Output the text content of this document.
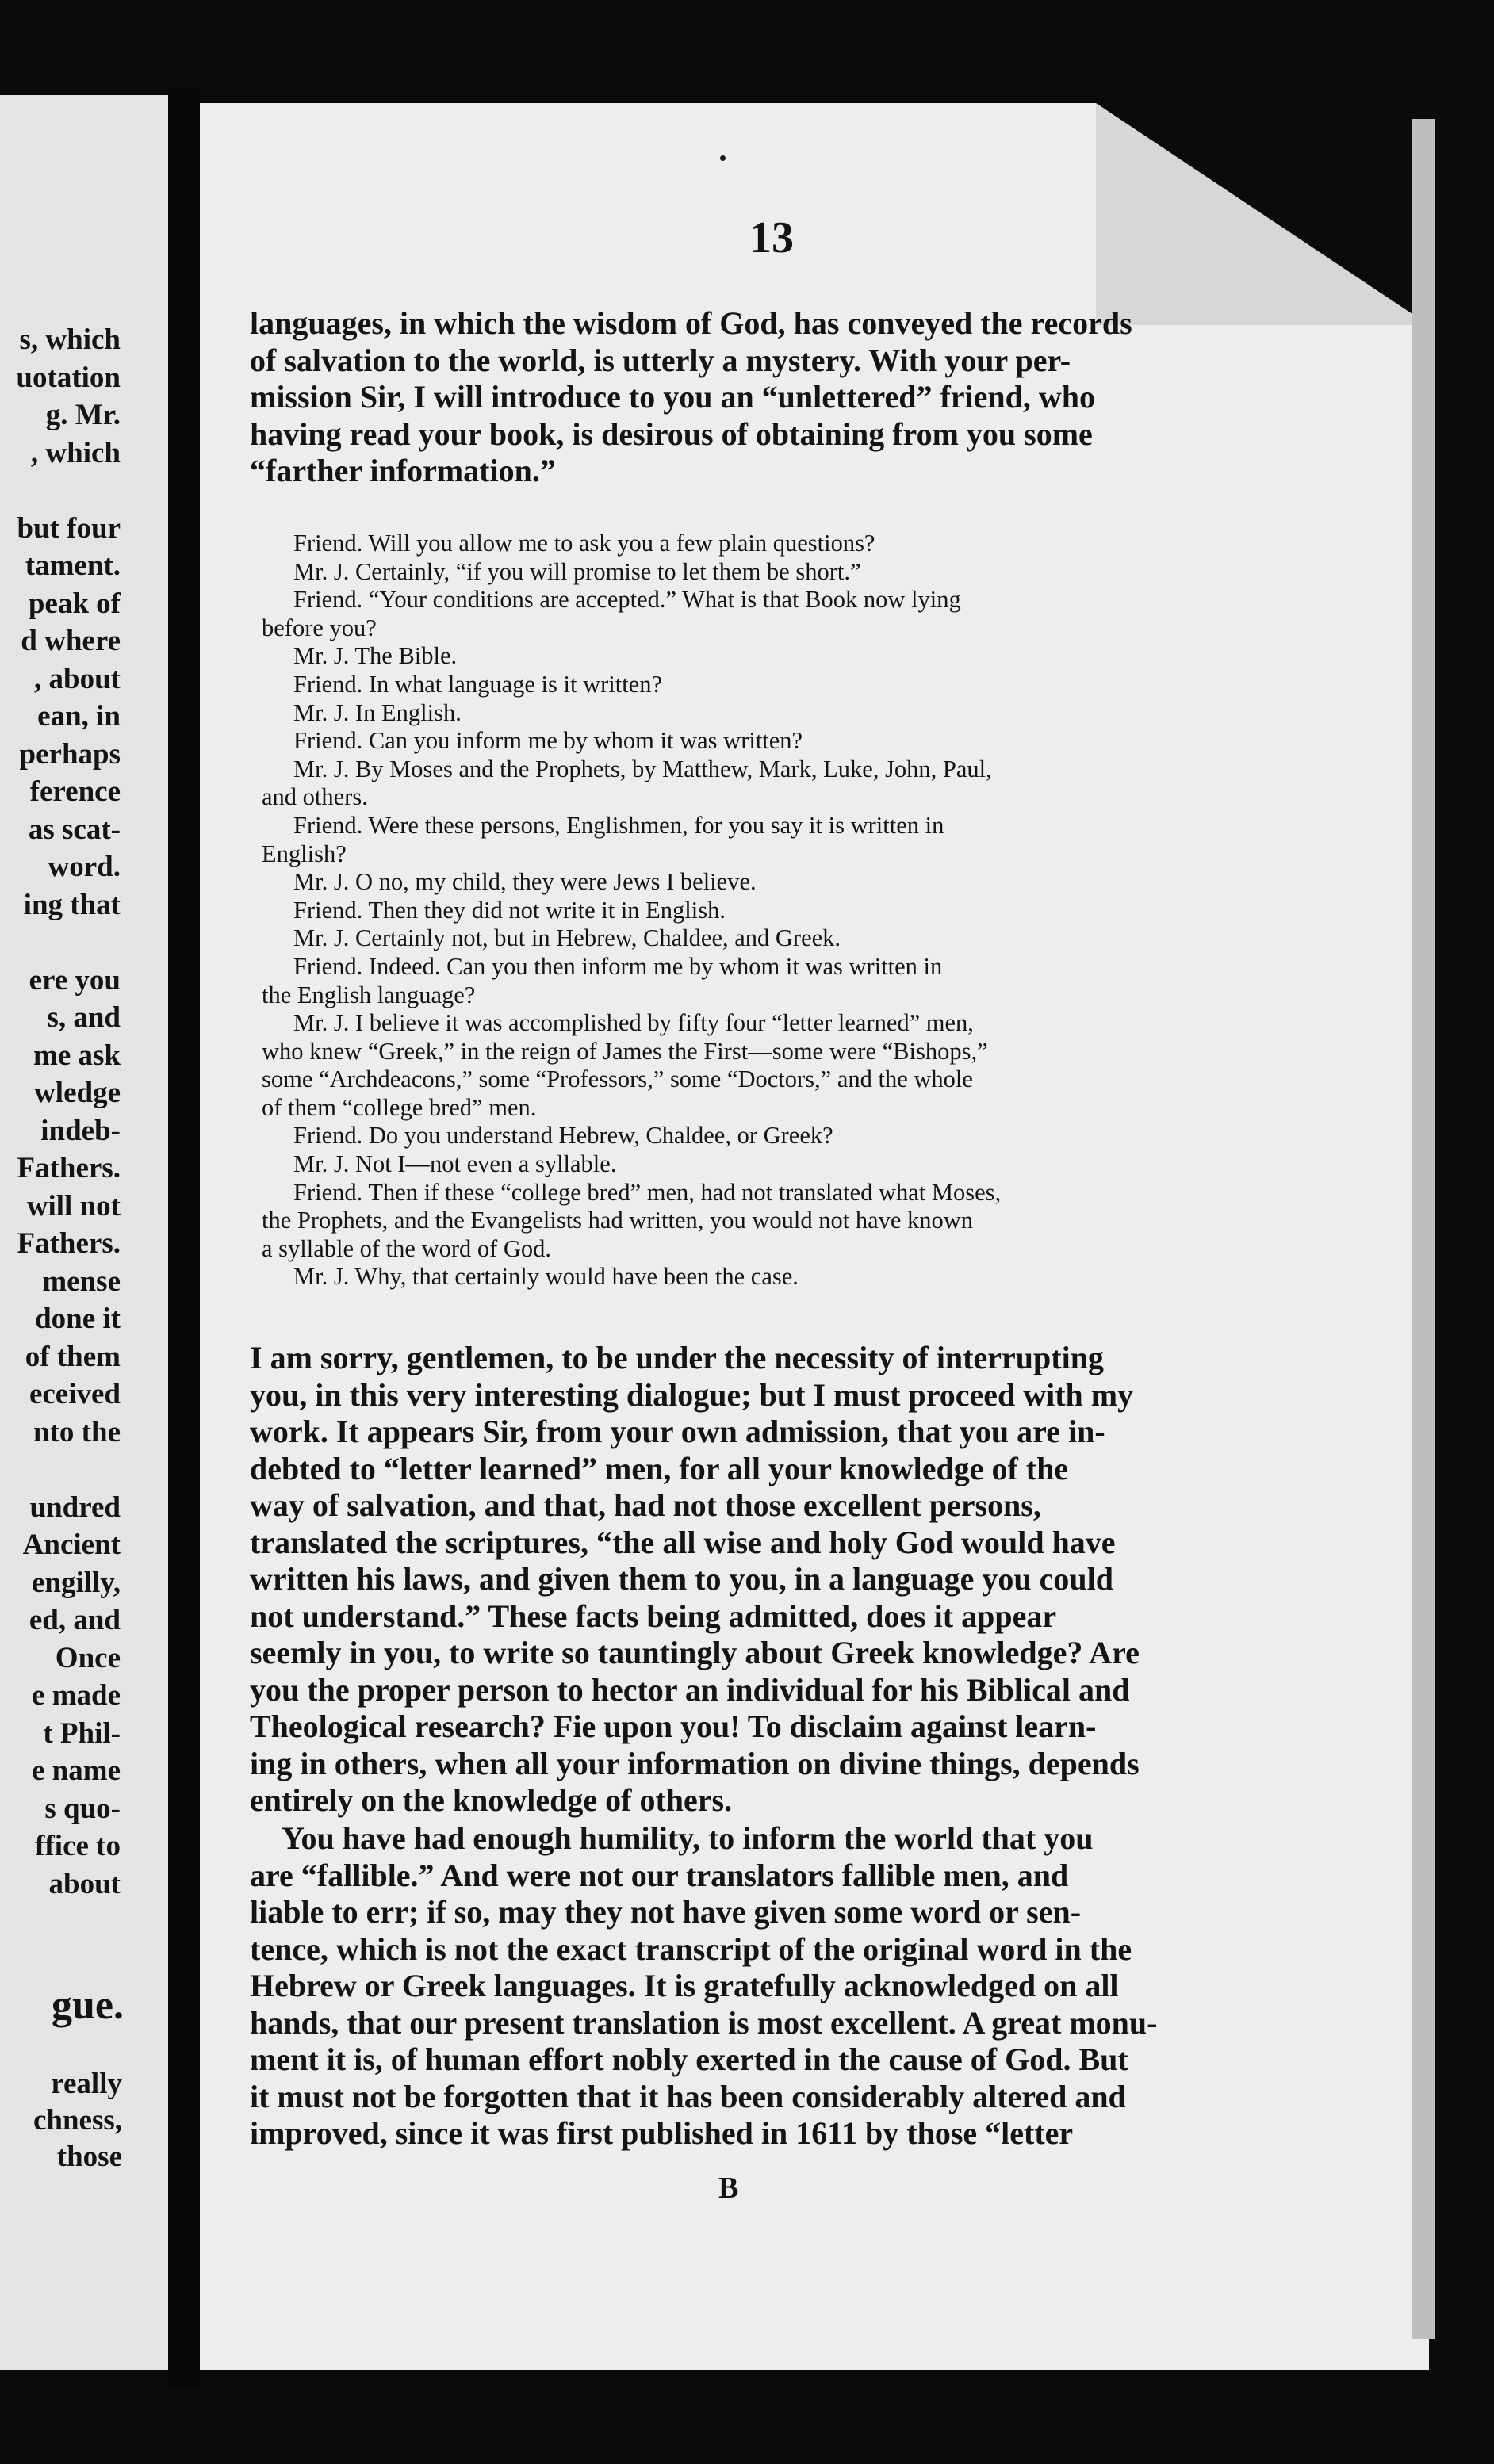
s, which
uotation
g. Mr.
, which

but four
tament.
peak of
d where
, about
ean, in
perhaps
ference
as scat-
word.
ing that

ere you
s, and
me ask
wledge
indeb-
Fathers.
will not
Fathers.
mense
done it
of them
eceived
nto the

undred
Ancient
engilly,
ed, and
Once
e made
t Phil-
e name
s quo-
ffice to
about
gue.
really
chness,
those
13
languages, in which the wisdom of God, has conveyed the records
of salvation to the world, is utterly a mystery. With your per-
mission Sir, I will introduce to you an “unlettered” friend, who
having read your book, is desirous of obtaining from you some
“farther information.”
Friend. Will you allow me to ask you a few plain questions?
Mr. J. Certainly, “if you will promise to let them be short.”
Friend. “Your conditions are accepted.” What is that Book now lying
before you?
Mr. J. The Bible.
Friend. In what language is it written?
Mr. J. In English.
Friend. Can you inform me by whom it was written?
Mr. J. By Moses and the Prophets, by Matthew, Mark, Luke, John, Paul,
and others.
Friend. Were these persons, Englishmen, for you say it is written in
English?
Mr. J. O no, my child, they were Jews I believe.
Friend. Then they did not write it in English.
Mr. J. Certainly not, but in Hebrew, Chaldee, and Greek.
Friend. Indeed. Can you then inform me by whom it was written in
the English language?
Mr. J. I believe it was accomplished by fifty four “letter learned” men,
who knew “Greek,” in the reign of James the First—some were “Bishops,”
some “Archdeacons,” some “Professors,” some “Doctors,” and the whole
of them “college bred” men.
Friend. Do you understand Hebrew, Chaldee, or Greek?
Mr. J. Not I—not even a syllable.
Friend. Then if these “college bred” men, had not translated what Moses,
the Prophets, and the Evangelists had written, you would not have known
a syllable of the word of God.
Mr. J. Why, that certainly would have been the case.
I am sorry, gentlemen, to be under the necessity of interrupting
you, in this very interesting dialogue; but I must proceed with my
work. It appears Sir, from your own admission, that you are in-
debted to “letter learned” men, for all your knowledge of the
way of salvation, and that, had not those excellent persons,
translated the scriptures, “the all wise and holy God would have
written his laws, and given them to you, in a language you could
not understand.” These facts being admitted, does it appear
seemly in you, to write so tauntingly about Greek knowledge? Are
you the proper person to hector an individual for his Biblical and
Theological research? Fie upon you! To disclaim against learn-
ing in others, when all your information on divine things, depends
entirely on the knowledge of others.
You have had enough humility, to inform the world that you
are “fallible.” And were not our translators fallible men, and
liable to err; if so, may they not have given some word or sen-
tence, which is not the exact transcript of the original word in the
Hebrew or Greek languages. It is gratefully acknowledged on all
hands, that our present translation is most excellent. A great monu-
ment it is, of human effort nobly exerted in the cause of God. But
it must not be forgotten that it has been considerably altered and
improved, since it was first published in 1611 by those “letter
B
